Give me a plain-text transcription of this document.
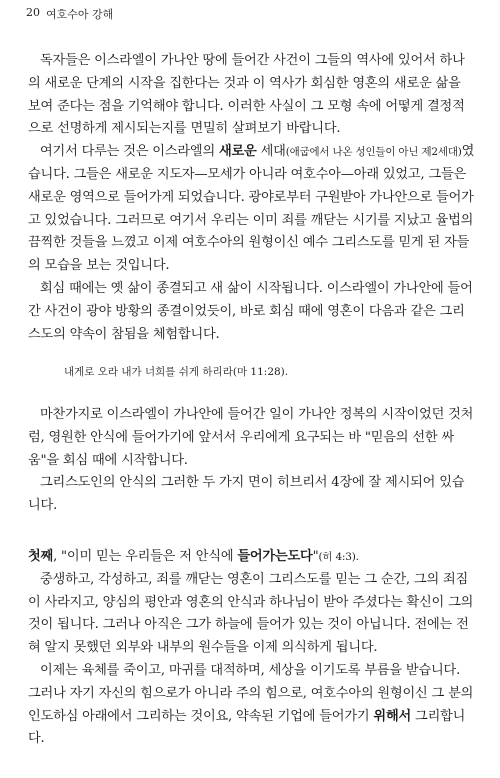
20 여호수아 강해

독자들은 이스라엘이 가나안 땅에 들어간 사건이 그들의 역사에 있어서 하나의 새로운 단계의 시작을 집한다는 것과 이 역사가 회심한 영혼의 새로운 삶을 보여 준다는 점을 기억해야 합니다. 이러한 사실이 그 모형 속에 어떻게 결정적으로 선명하게 제시되는지를 면밀히 살펴보기 바랍니다.

여기서 다루는 것은 이스라엘의 새로운 세대(애굽에서 나온 성인들이 아닌 제2세대)였습니다. 그들은 새로운 지도자—모세가 아니라 여호수아—아래 있었고, 그들은 새로운 영역으로 들어가게 되었습니다. 광야로부터 구원받아 가나안으로 들어가고 있었습니다. 그러므로 여기서 우리는 이미 죄를 깨닫는 시기를 지났고 율법의 끔찍한 것들을 느꼈고 이제 여호수아의 원형이신 예수 그리스도를 믿게 된 자들의 모습을 보는 것입니다.

회심 때에는 옛 삶이 종결되고 새 삶이 시작됩니다. 이스라엘이 가나안에 들어간 사건이 광야 방황의 종결이었듯이, 바로 회심 때에 영혼이 다음과 같은 그리스도의 약속이 참됨을 체험합니다.

내게로 오라 내가 너희를 쉬게 하리라(마 11:28).

마찬가지로 이스라엘이 가나안에 들어간 일이 가나안 정복의 시작이었던 것처럼, 영원한 안식에 들어가기에 앞서서 우리에게 요구되는 바 "믿음의 선한 싸움"을 회심 때에 시작합니다.

그리스도인의 안식의 그러한 두 가지 면이 히브리서 4장에 잘 제시되어 있습니다.

첫째, "이미 믿는 우리들은 저 안식에 들어가는도다"(히 4:3).

중생하고, 각성하고, 죄를 깨닫는 영혼이 그리스도를 믿는 그 순간, 그의 죄짐이 사라지고, 양심의 평안과 영혼의 안식과 하나님이 받아 주셨다는 확신이 그의 것이 됩니다. 그러나 아직은 그가 하늘에 들어가 있는 것이 아닙니다. 전에는 전혀 알지 못했던 외부와 내부의 원수들을 이제 의식하게 됩니다.

이제는 육체를 죽이고, 마귀를 대적하며, 세상을 이기도록 부름을 받습니다. 그러나 자기 자신의 힘으로가 아니라 주의 힘으로, 여호수아의 원형이신 그 분의 인도하심 아래에서 그리하는 것이요, 약속된 기업에 들어가기 위해서 그리합니다.
